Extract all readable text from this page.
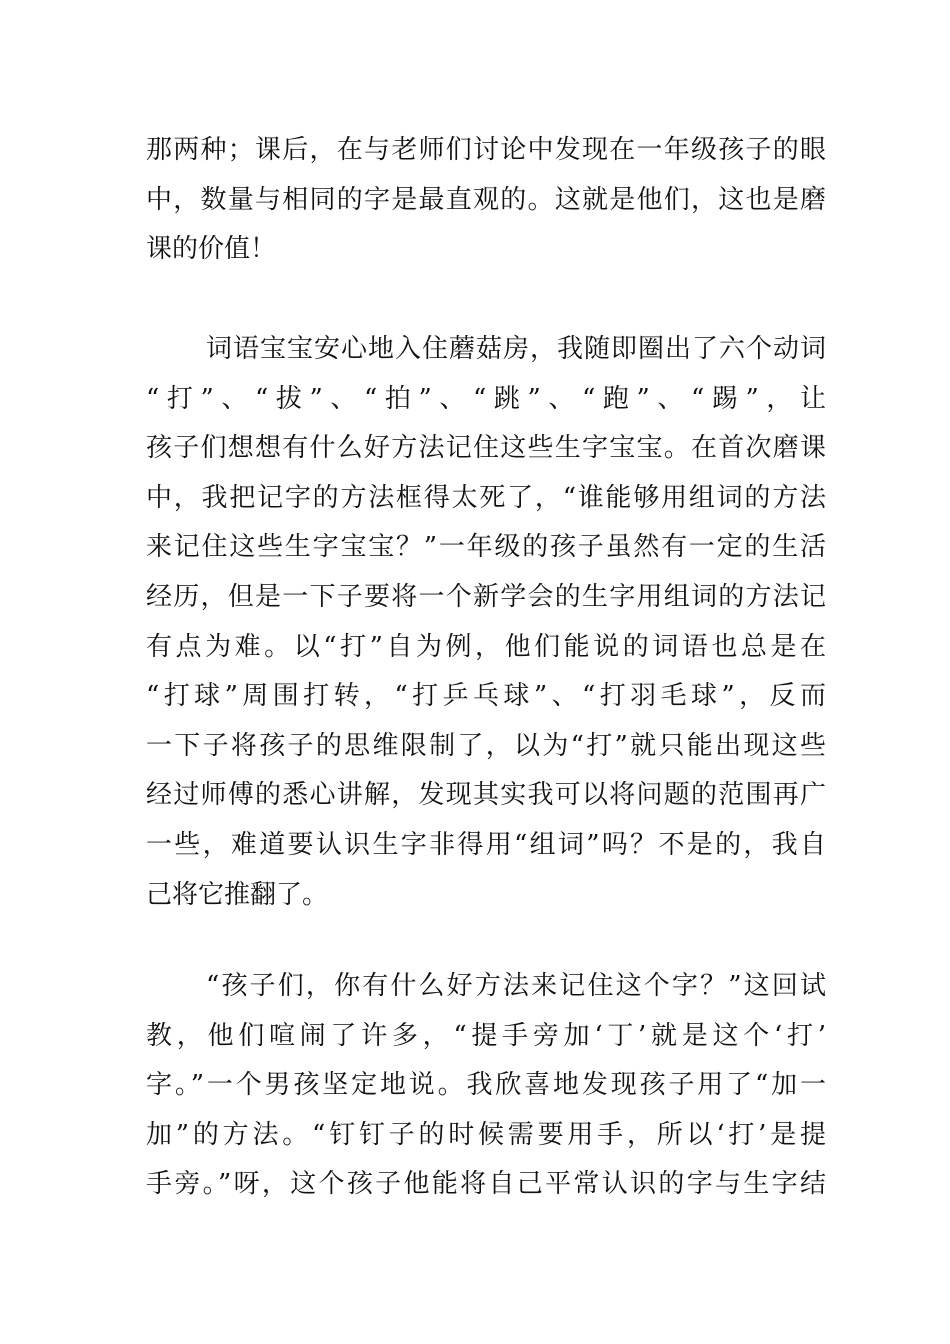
那两种；课后，在与老师们讨论中发现在一年级孩子的眼
中，数量与相同的字是最直观的。这就是他们，这也是磨
课的价值！
词语宝宝安心地入住蘑菇房，我随即圈出了六个动词
“打”、“拔”、“拍”、“跳”、“跑”、“踢”，让
孩子们想想有什么好方法记住这些生字宝宝。在首次磨课
中，我把记字的方法框得太死了，“谁能够用组词的方法
来记住这些生字宝宝？”一年级的孩子虽然有一定的生活
经历，但是一下子要将一个新学会的生字用组词的方法记
有点为难。以“打”自为例，他们能说的词语也总是在
“打球”周围打转，“打乒乓球”、“打羽毛球”，反而
一下子将孩子的思维限制了，以为“打”就只能出现这些
经过师傅的悉心讲解，发现其实我可以将问题的范围再广
一些，难道要认识生字非得用“组词”吗？不是的，我自
己将它推翻了。
“孩子们，你有什么好方法来记住这个字？”这回试
教，他们喧闹了许多，“提手旁加‘丁’就是这个‘打’
字。”一个男孩坚定地说。我欣喜地发现孩子用了“加一
加”的方法。“钉钉子的时候需要用手，所以‘打’是提
手旁。”呀，这个孩子他能将自己平常认识的字与生字结
